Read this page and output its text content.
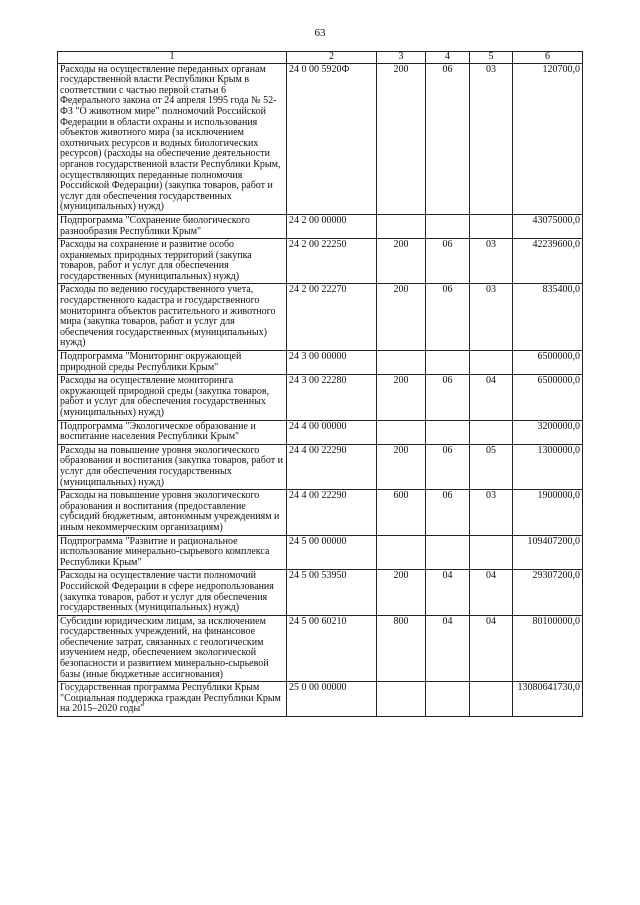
63
1	2	3	4	5	6
Расходы на осуществление переданных органам государственной власти Республики Крым в соответствии с частью первой статьи 6 Федерального закона от 24 апреля 1995 года № 52-ФЗ "О животном мире" полномочий Российской Федерации в области охраны и использования объектов животного мира (за исключением охотничьих ресурсов и водных биологических ресурсов) (расходы на обеспечение деятельности органов государственной власти Республики Крым, осуществляющих переданные полномочия Российской Федерации) (закупка товаров, работ и услуг для обеспечения государственных (муниципальных) нужд)	24 0 00 5920Ф	200	06	03	120700,0
Подпрограмма "Сохранение биологического разнообразия Республики Крым"	24 2 00 00000				43075000,0
Расходы на сохранение и развитие особо охраняемых природных территорий (закупка товаров, работ и услуг для обеспечения государственных (муниципальных) нужд)	24 2 00 22250	200	06	03	42239600,0
Расходы по ведению государственного учета, государственного кадастра и государственного мониторинга объектов растительного и животного мира (закупка товаров, работ и услуг для обеспечения государственных (муниципальных) нужд)	24 2 00 22270	200	06	03	835400,0
Подпрограмма "Мониторинг окружающей природной среды Республики Крым"	24 3 00 00000				6500000,0
Расходы на осуществление мониторинга окружающей природной среды (закупка товаров, работ и услуг для обеспечения государственных (муниципальных) нужд)	24 3 00 22280	200	06	04	6500000,0
Подпрограмма "Экологическое образование и воспитание населения Республики Крым"	24 4 00 00000				3200000,0
Расходы на повышение уровня экологического образования и воспитания (закупка товаров, работ и услуг для обеспечения государственных (муниципальных) нужд)	24 4 00 22290	200	06	05	1300000,0
Расходы на повышение уровня экологического образования и воспитания (предоставление субсидий бюджетным, автономным учреждениям и иным некоммерческим организациям)	24 4 00 22290	600	06	03	1900000,0
Подпрограмма "Развитие и рациональное использование минерально-сырьевого комплекса Республики Крым"	24 5 00 00000				109407200,0
Расходы на осуществление части полномочий Российской Федерации в сфере недропользования (закупка товаров, работ и услуг для обеспечения государственных (муниципальных) нужд)	24 5 00 53950	200	04	04	29307200,0
Субсидии юридическим лицам, за исключением государственных учреждений, на финансовое обеспечение затрат, связанных с геологическим изучением недр, обеспечением экологической безопасности и развитием минерально-сырьевой базы (иные бюджетные ассигнования)	24 5 00 60210	800	04	04	80100000,0
Государственная программа Республики Крым "Социальная поддержка граждан Республики Крым на 2015–2020 годы"	25 0 00 00000				13080641730,0
